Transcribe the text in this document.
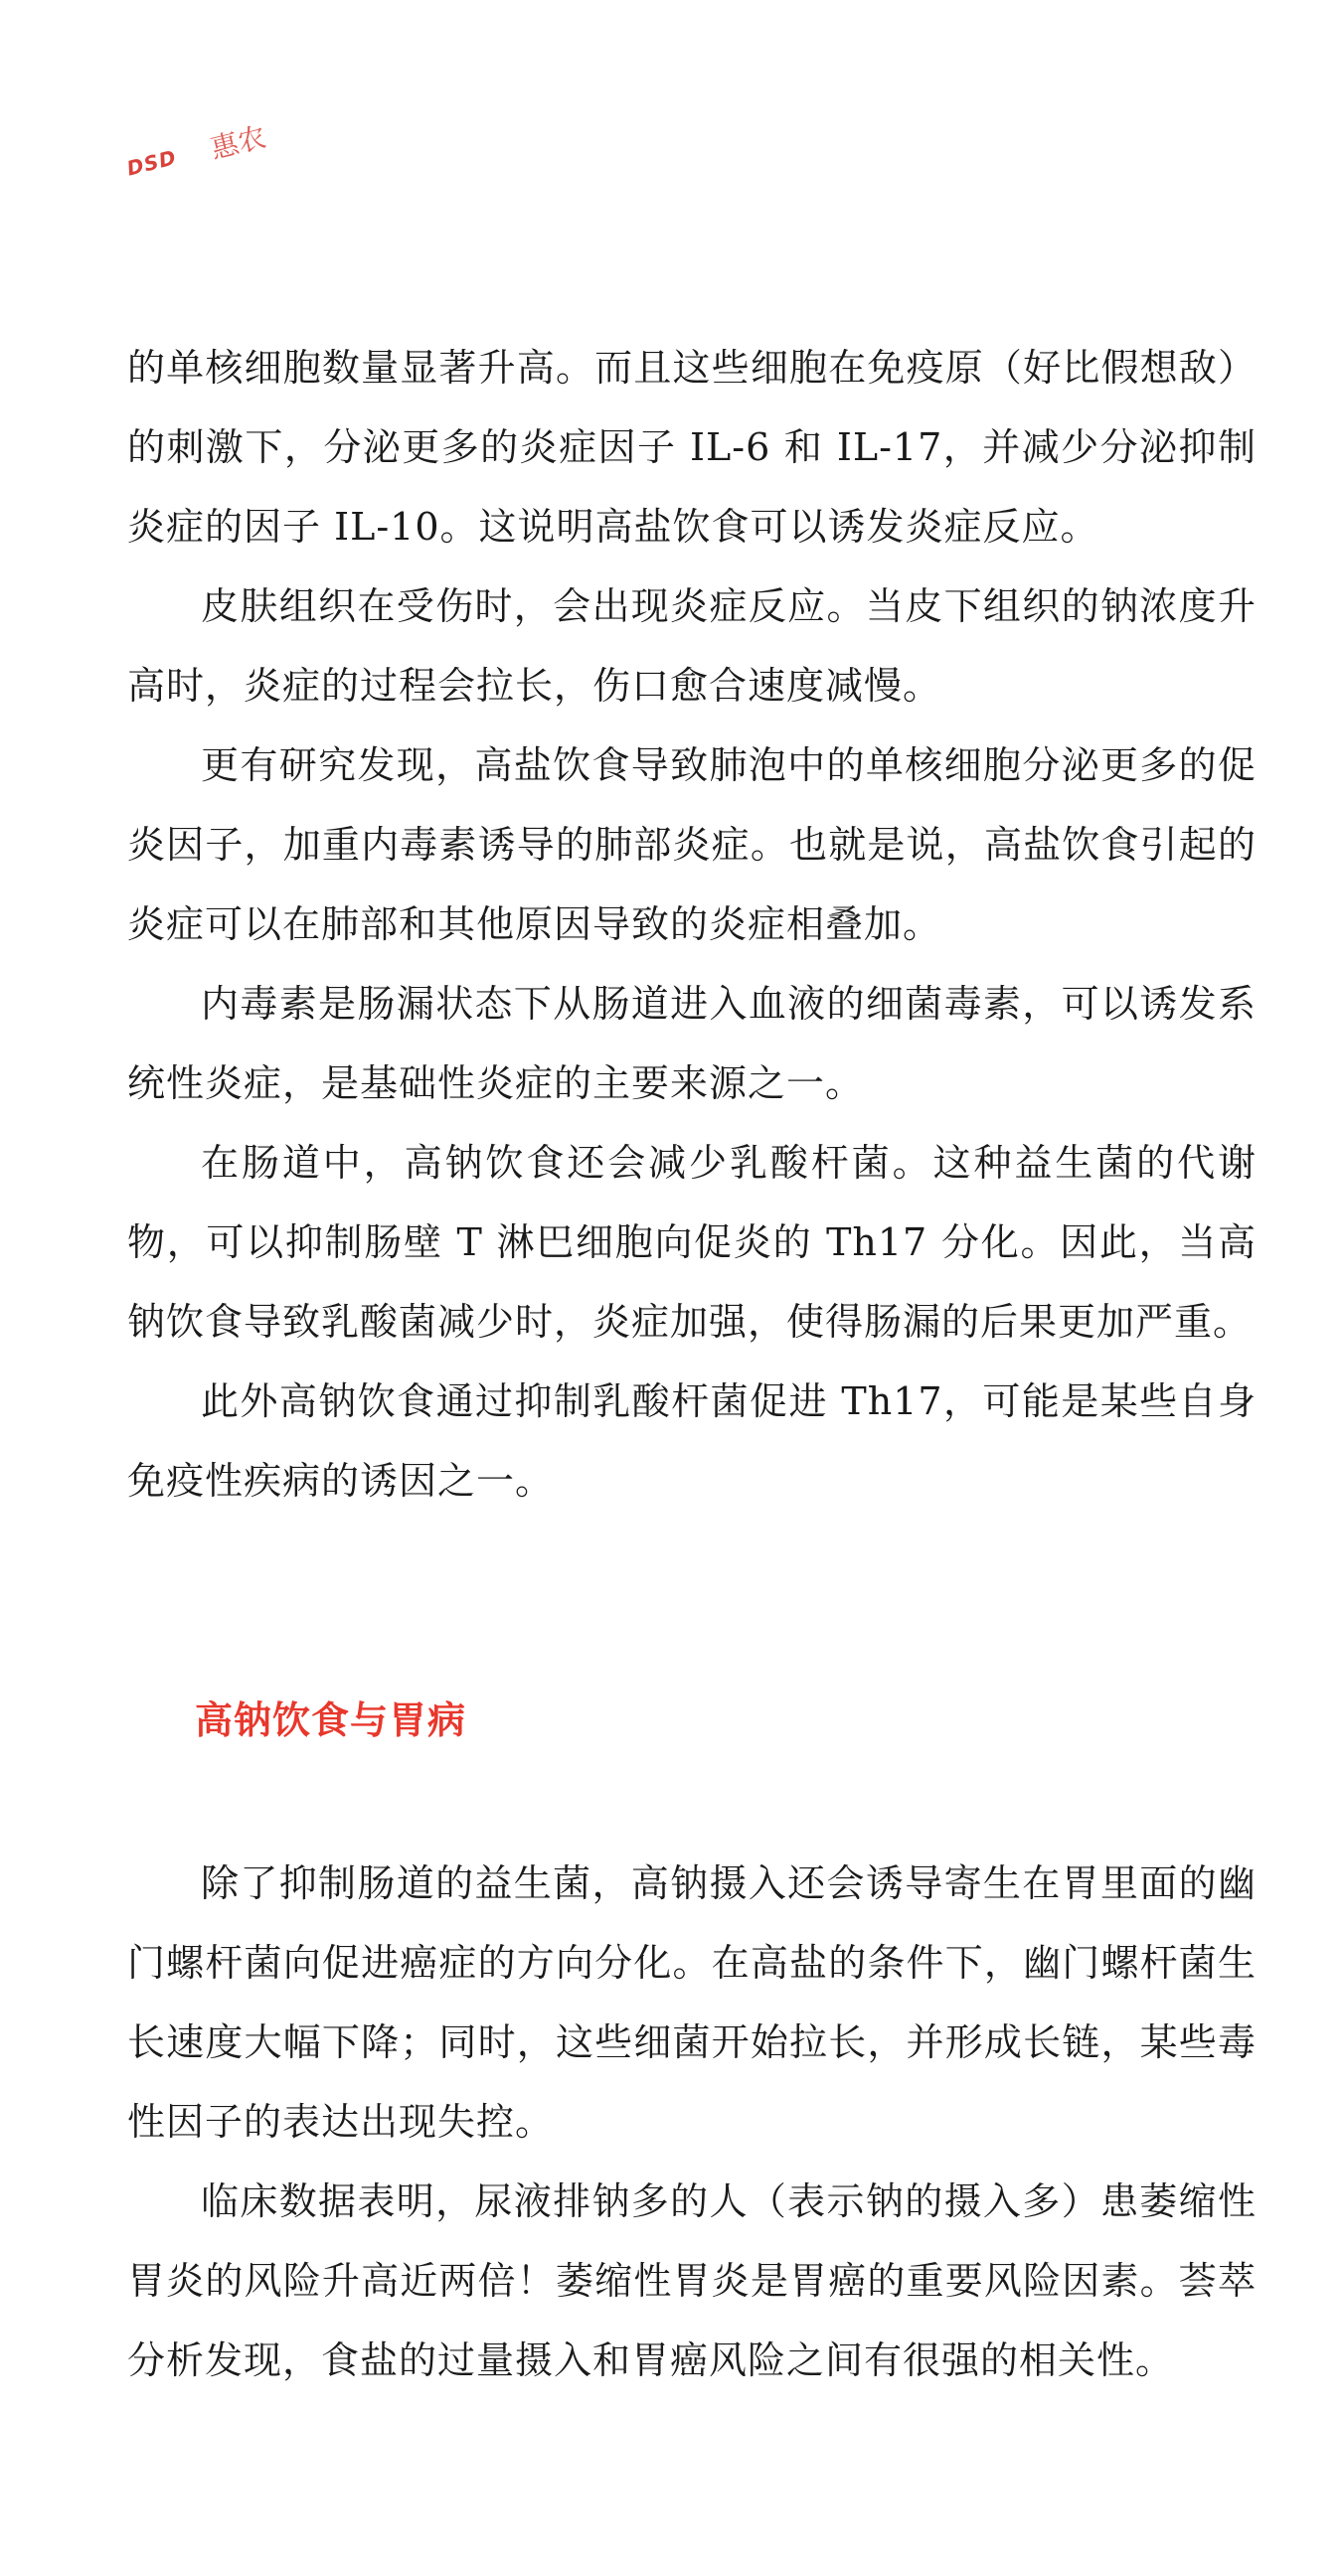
DSD 惠农

的单核细胞数量显著升高。而且这些细胞在免疫原（好比假想敌）的刺激下，分泌更多的炎症因子 IL-6 和 IL-17，并减少分泌抑制炎症的因子 IL-10。这说明高盐饮食可以诱发炎症反应。

皮肤组织在受伤时，会出现炎症反应。当皮下组织的钠浓度升高时，炎症的过程会拉长，伤口愈合速度减慢。

更有研究发现，高盐饮食导致肺泡中的单核细胞分泌更多的促炎因子，加重内毒素诱导的肺部炎症。也就是说，高盐饮食引起的炎症可以在肺部和其他原因导致的炎症相叠加。

内毒素是肠漏状态下从肠道进入血液的细菌毒素，可以诱发系统性炎症，是基础性炎症的主要来源之一。

在肠道中，高钠饮食还会减少乳酸杆菌。这种益生菌的代谢物，可以抑制肠壁 T 淋巴细胞向促炎的 Th17 分化。因此，当高钠饮食导致乳酸菌减少时，炎症加强，使得肠漏的后果更加严重。

此外高钠饮食通过抑制乳酸杆菌促进 Th17，可能是某些自身免疫性疾病的诱因之一。

高钠饮食与胃病

除了抑制肠道的益生菌，高钠摄入还会诱导寄生在胃里面的幽门螺杆菌向促进癌症的方向分化。在高盐的条件下，幽门螺杆菌生长速度大幅下降；同时，这些细菌开始拉长，并形成长链，某些毒性因子的表达出现失控。

临床数据表明，尿液排钠多的人（表示钠的摄入多）患萎缩性胃炎的风险升高近两倍！萎缩性胃炎是胃癌的重要风险因素。荟萃分析发现，食盐的过量摄入和胃癌风险之间有很强的相关性。
